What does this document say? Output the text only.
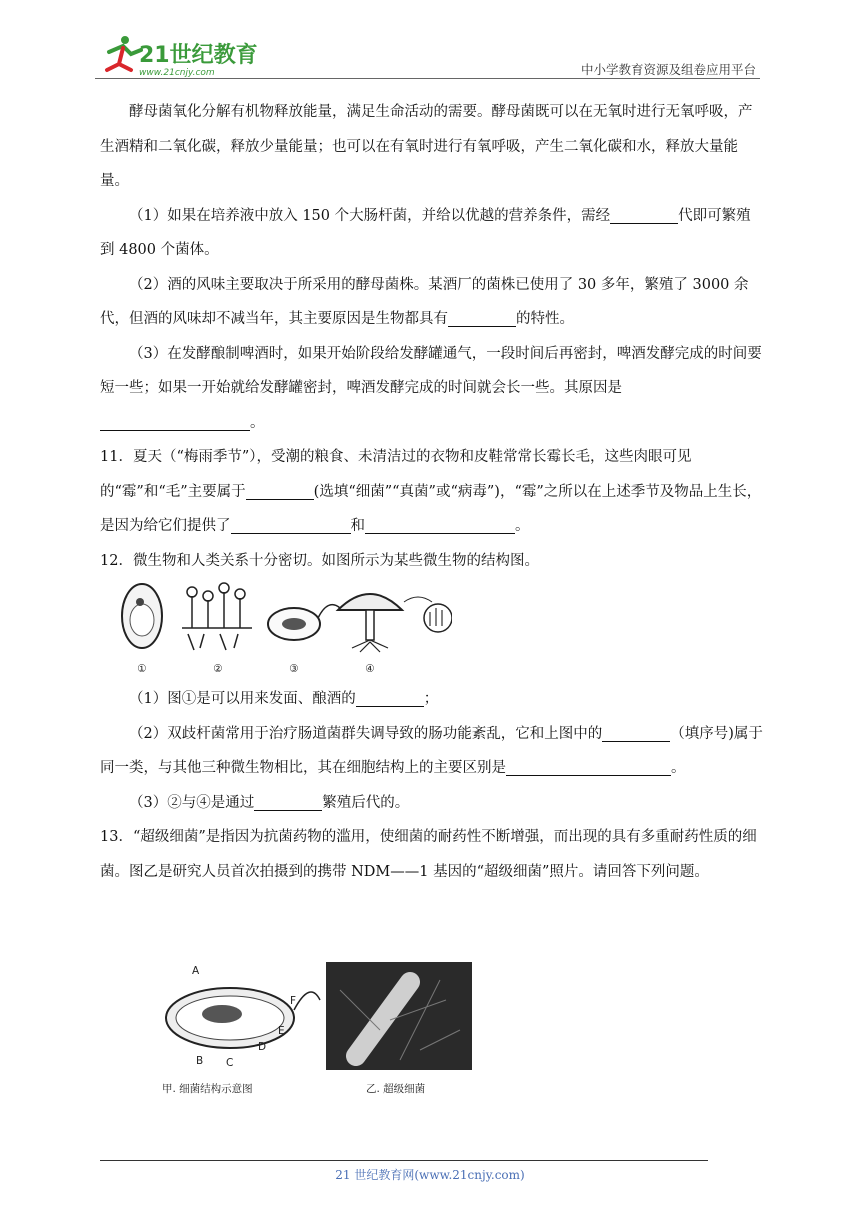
21世纪教育
www.21cnjy.com	中小学教育资源及组卷应用平台

酵母菌氧化分解有机物释放能量，满足生命活动的需要。酵母菌既可以在无氧时进行无氧呼吸，产生酒精和二氧化碳，释放少量能量；也可以在有氧时进行有氧呼吸，产生二氧化碳和水，释放大量能量。

（1）如果在培养液中放入 150 个大肠杆菌，并给以优越的营养条件，需经	代即可繁殖到 4800 个菌体。

（2）酒的风味主要取决于所采用的酵母菌株。某酒厂的菌株已使用了 30 多年，繁殖了 3000 余代，但酒的风味却不减当年，其主要原因是生物都具有	的特性。

（3）在发酵酿制啤酒时，如果开始阶段给发酵罐通气，一段时间后再密封，啤酒发酵完成的时间要短一些；如果一开始就给发酵罐密封，啤酒发酵完成的时间就会长一些。其原因是。

11．夏天（“梅雨季节”），受潮的粮食、未清洁过的衣物和皮鞋常常长霉长毛，这些肉眼可见的“霉”和“毛”主要属于	(选填“细菌”“真菌”或“病毒”)，“霉”之所以在上述季节及物品上生长，是因为给它们提供了	和	。

12．微生物和人类关系十分密切。如图所示为某些微生物的结构图。

（1）图①是可以用来发面、酿酒的	；

（2）双歧杆菌常用于治疗肠道菌群失调导致的肠功能紊乱，它和上图中的	（填序号)属于同一类，与其他三种微生物相比，其在细胞结构上的主要区别是	。

（3）②与④是通过	繁殖后代的。

13．“超级细菌”是指因为抗菌药物的滥用，使细菌的耐药性不断增强，而出现的具有多重耐药性质的细菌。图乙是研究人员首次拍摄到的携带 NDM——1 基因的“超级细菌”照片。请回答下列问题。

①	②	③	④
A
B C
D
E
F
甲. 细菌结构示意图	乙. 超级细菌
21 世纪教育网(www.21cnjy.com)
